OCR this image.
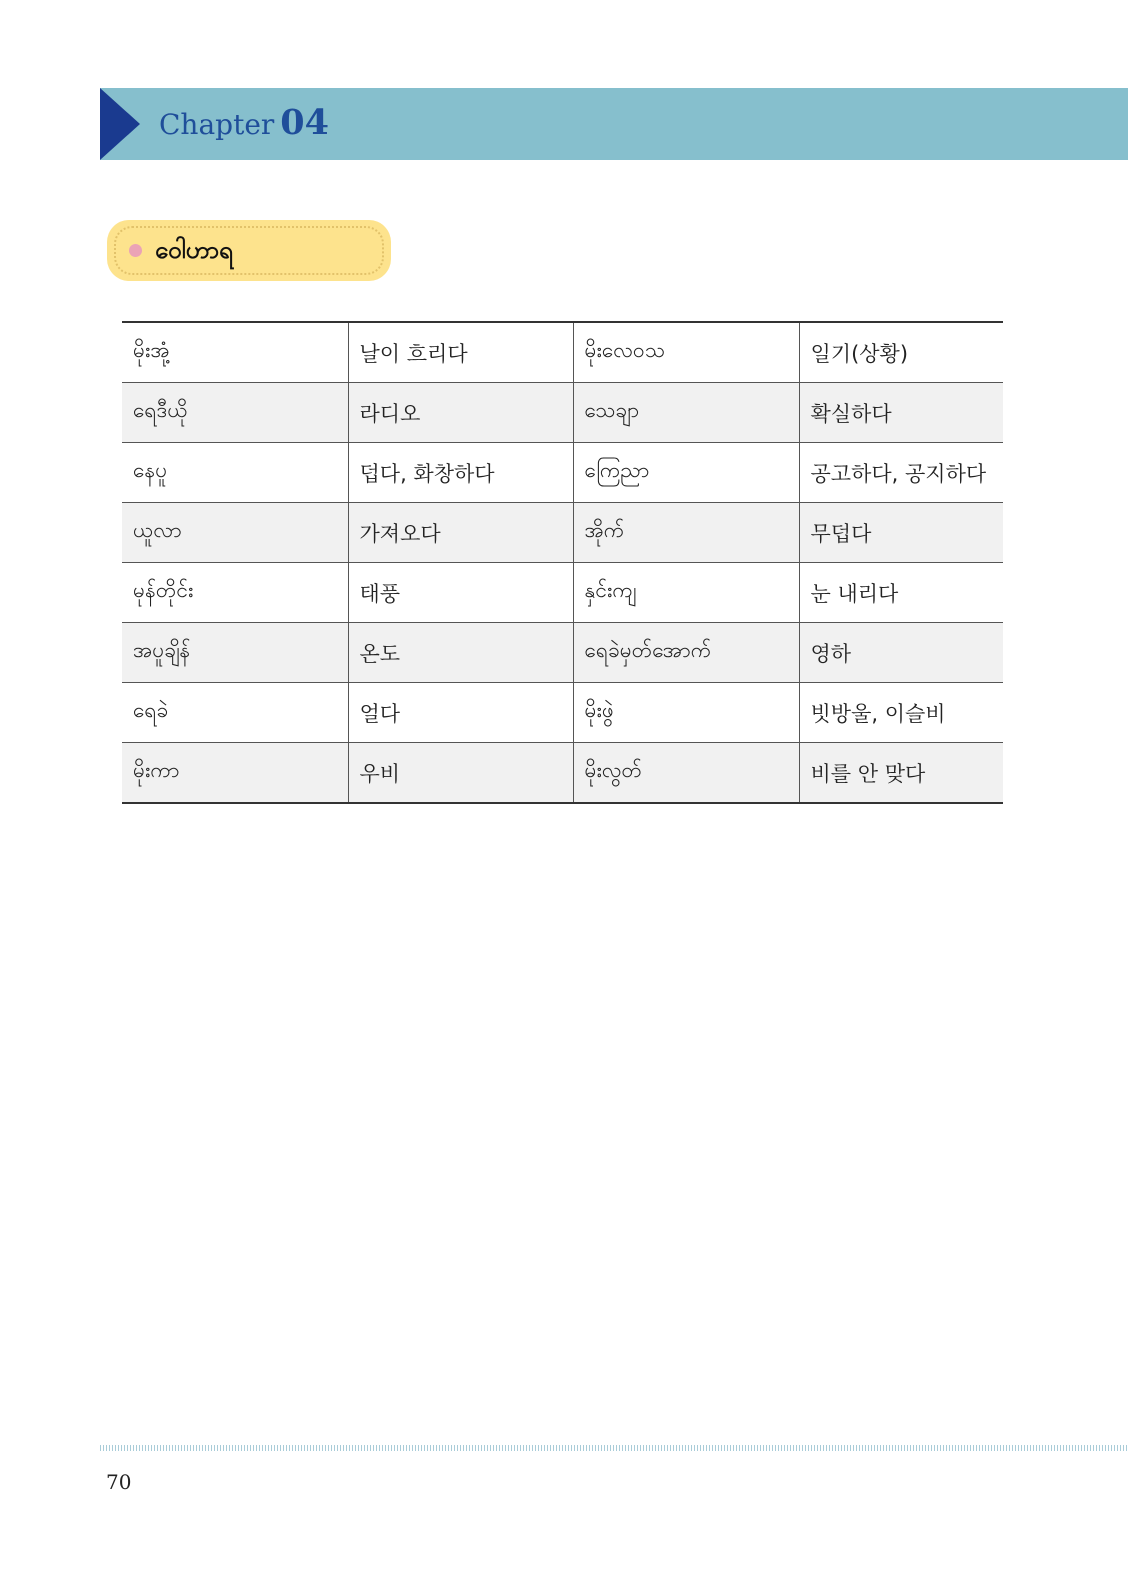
Chapter 04
ဝေါဟာရ
မိုးအုံ့	날이 흐리다	မိုးလေဝသ	일기(상황)
ရေဒီယို	라디오	သေချာ	확실하다
နေပူ	덥다, 화창하다	ကြေညာ	공고하다, 공지하다
ယူလာ	가져오다	အိုက်	무덥다
မုန်တိုင်း	태풍	နှင်းကျ	눈 내리다
အပူချိန်	온도	ရေခဲမှတ်အောက်	영하
ရေခဲ	얼다	မိုးဖွဲ	빗방울, 이슬비
မိုးကာ	우비	မိုးလွတ်	비를 안 맞다
70
